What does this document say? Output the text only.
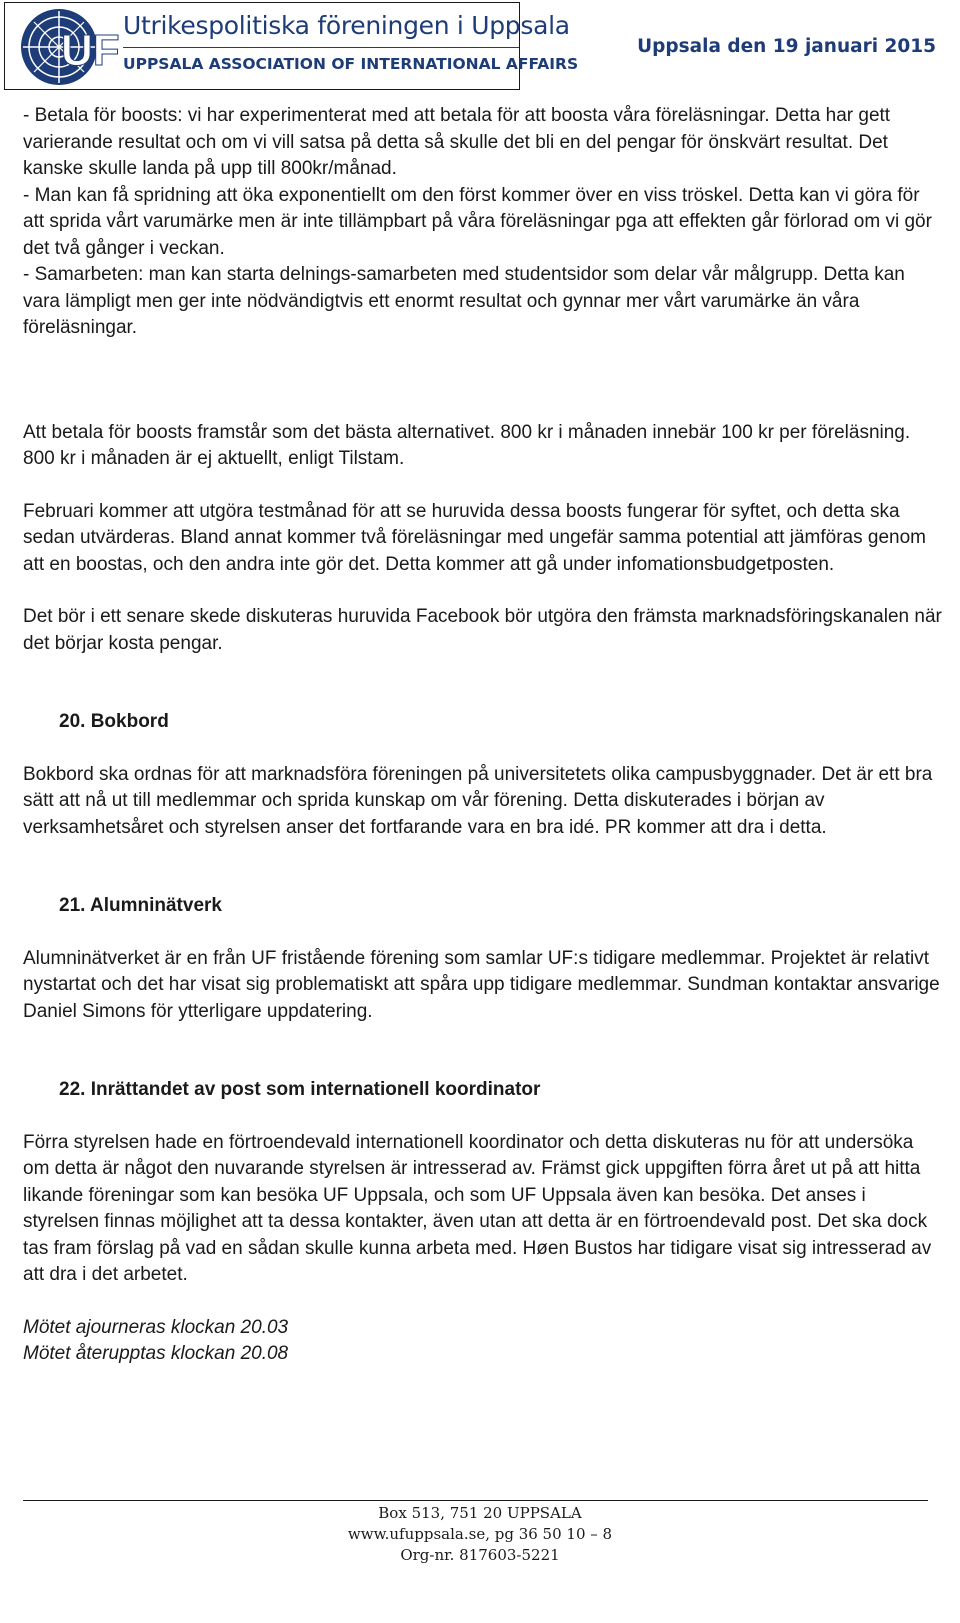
UF
Utrikespolitiska föreningen i Uppsala
UPPSALA ASSOCIATION OF INTERNATIONAL AFFAIRS
Uppsala den 19 januari 2015

- Betala för boosts: vi har experimenterat med att betala för att boosta våra föreläsningar. Detta har gett varierande resultat och om vi vill satsa på detta så skulle det bli en del pengar för önskvärt resultat. Det kanske skulle landa på upp till 800kr/månad.

- Man kan få spridning att öka exponentiellt om den först kommer över en viss tröskel. Detta kan vi göra för att sprida vårt varumärke men är inte tillämpbart på våra föreläsningar pga att effekten går förlorad om vi gör det två gånger i veckan.

- Samarbeten: man kan starta delnings-samarbeten med studentsidor som delar vår målgrupp. Detta kan vara lämpligt men ger inte nödvändigtvis ett enormt resultat och gynnar mer vårt varumärke än våra föreläsningar.

Att betala för boosts framstår som det bästa alternativet. 800 kr i månaden innebär 100 kr per föreläsning. 800 kr i månaden är ej aktuellt, enligt Tilstam.

Februari kommer att utgöra testmånad för att se huruvida dessa boosts fungerar för syftet, och detta ska sedan utvärderas. Bland annat kommer två föreläsningar med ungefär samma potential att jämföras genom att en boostas, och den andra inte gör det. Detta kommer att gå under infomationsbudgetposten.

Det bör i ett senare skede diskuteras huruvida Facebook bör utgöra den främsta marknadsföringskanalen när det börjar kosta pengar.

20. Bokbord

Bokbord ska ordnas för att marknadsföra föreningen på universitetets olika campusbyggnader. Det är ett bra sätt att nå ut till medlemmar och sprida kunskap om vår förening. Detta diskuterades i början av verksamhetsåret och styrelsen anser det fortfarande vara en bra idé. PR kommer att dra i detta.

21. Alumninätverk

Alumninätverket är en från UF fristående förening som samlar UF:s tidigare medlemmar. Projektet är relativt nystartat och det har visat sig problematiskt att spåra upp tidigare medlemmar. Sundman kontaktar ansvarige Daniel Simons för ytterligare uppdatering.

22. Inrättandet av post som internationell koordinator

Förra styrelsen hade en förtroendevald internationell koordinator och detta diskuteras nu för att undersöka om detta är något den nuvarande styrelsen är intresserad av. Främst gick uppgiften förra året ut på att hitta likande föreningar som kan besöka UF Uppsala, och som UF Uppsala även kan besöka. Det anses i styrelsen finnas möjlighet att ta dessa kontakter, även utan att detta är en förtroendevald post. Det ska dock tas fram förslag på vad en sådan skulle kunna arbeta med. Høen Bustos har tidigare visat sig intresserad av att dra i det arbetet.

Mötet ajourneras klockan 20.03

Mötet återupptas klockan 20.08

Box 513, 751 20 UPPSALA
www.ufuppsala.se, pg 36 50 10 – 8
Org-nr. 817603-5221
